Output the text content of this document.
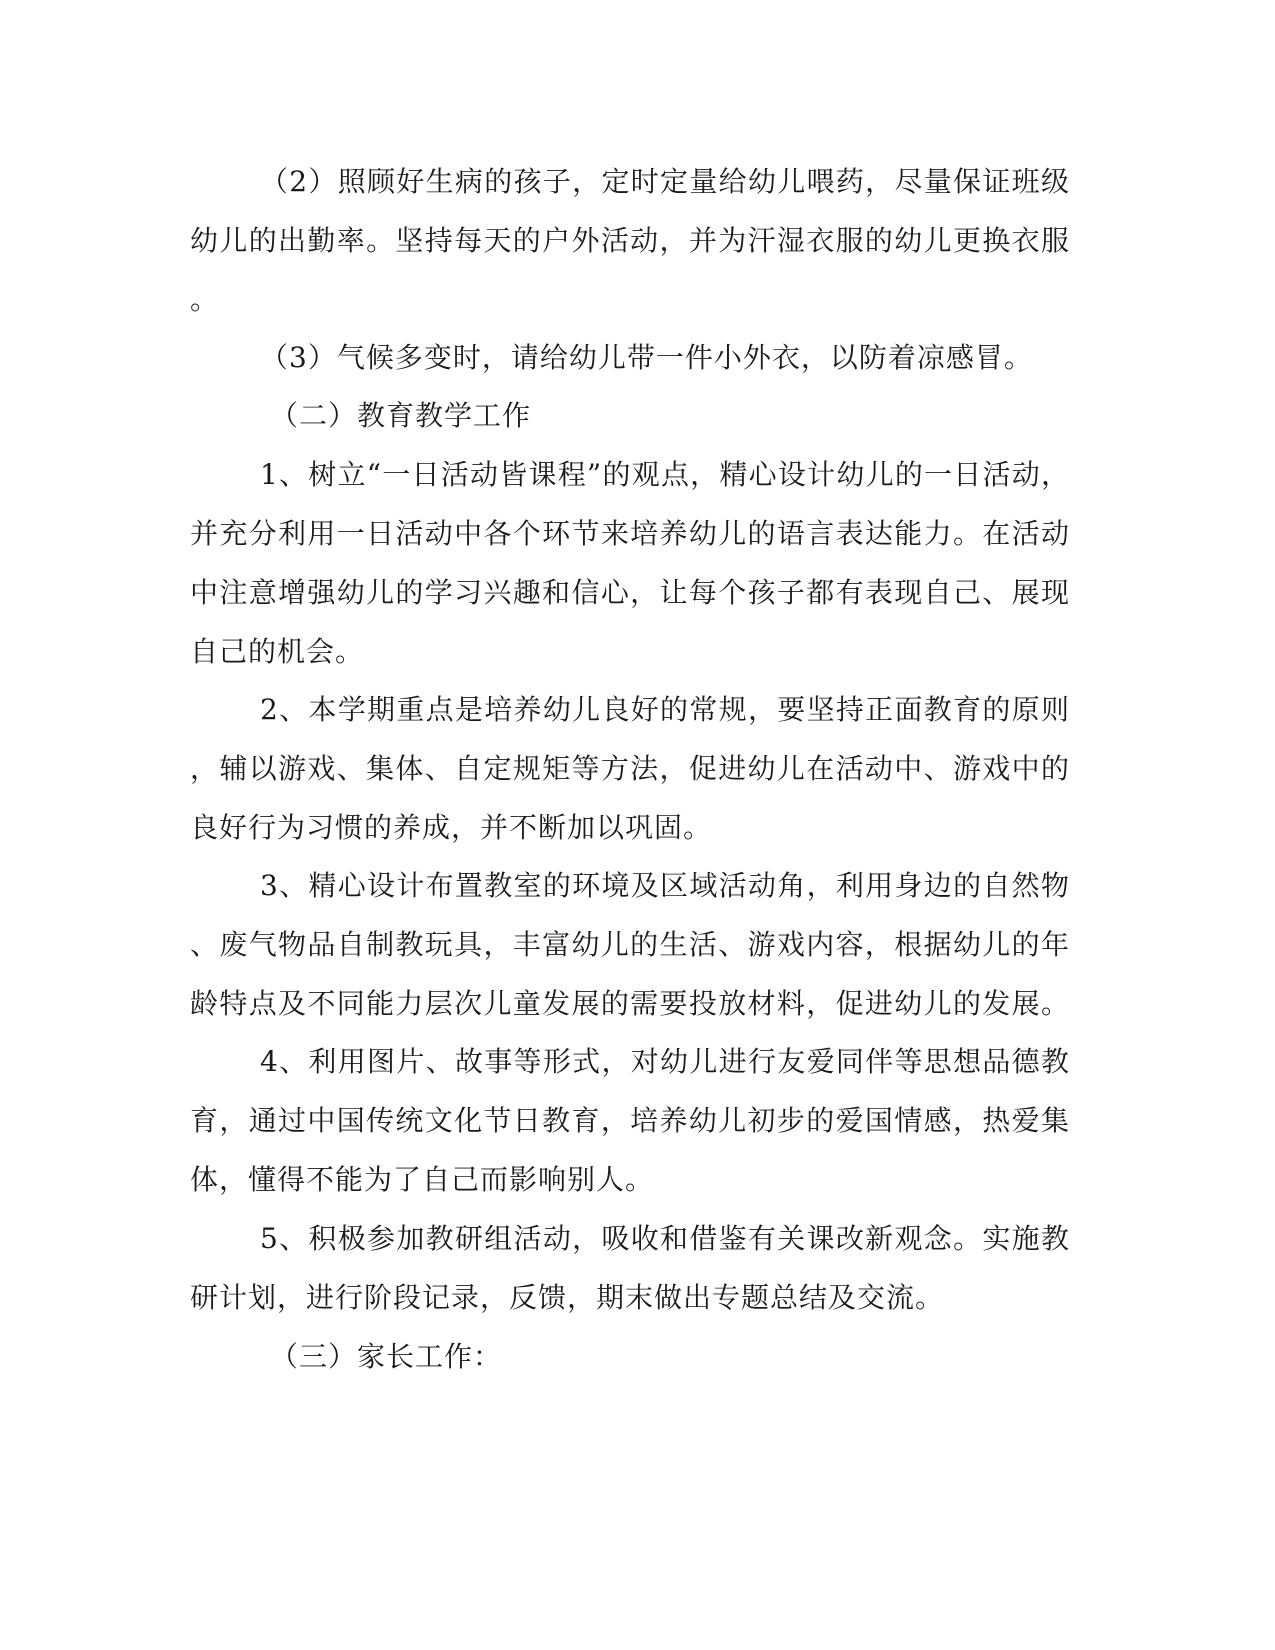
（2）照顾好生病的孩子，定时定量给幼儿喂药，尽量保证班级
幼儿的出勤率。坚持每天的户外活动，并为汗湿衣服的幼儿更换衣服
。
（3）气候多变时，请给幼儿带一件小外衣，以防着凉感冒。
（二）教育教学工作
1、树立“一日活动皆课程”的观点，精心设计幼儿的一日活动，
并充分利用一日活动中各个环节来培养幼儿的语言表达能力。在活动
中注意增强幼儿的学习兴趣和信心，让每个孩子都有表现自己、展现
自己的机会。
2、本学期重点是培养幼儿良好的常规，要坚持正面教育的原则
，辅以游戏、集体、自定规矩等方法，促进幼儿在活动中、游戏中的
良好行为习惯的养成，并不断加以巩固。
3、精心设计布置教室的环境及区域活动角，利用身边的自然物
、废气物品自制教玩具，丰富幼儿的生活、游戏内容，根据幼儿的年
龄特点及不同能力层次儿童发展的需要投放材料，促进幼儿的发展。
4、利用图片、故事等形式，对幼儿进行友爱同伴等思想品德教
育，通过中国传统文化节日教育，培养幼儿初步的爱国情感，热爱集
体，懂得不能为了自己而影响别人。
5、积极参加教研组活动，吸收和借鉴有关课改新观念。实施教
研计划，进行阶段记录，反馈，期末做出专题总结及交流。
（三）家长工作：
